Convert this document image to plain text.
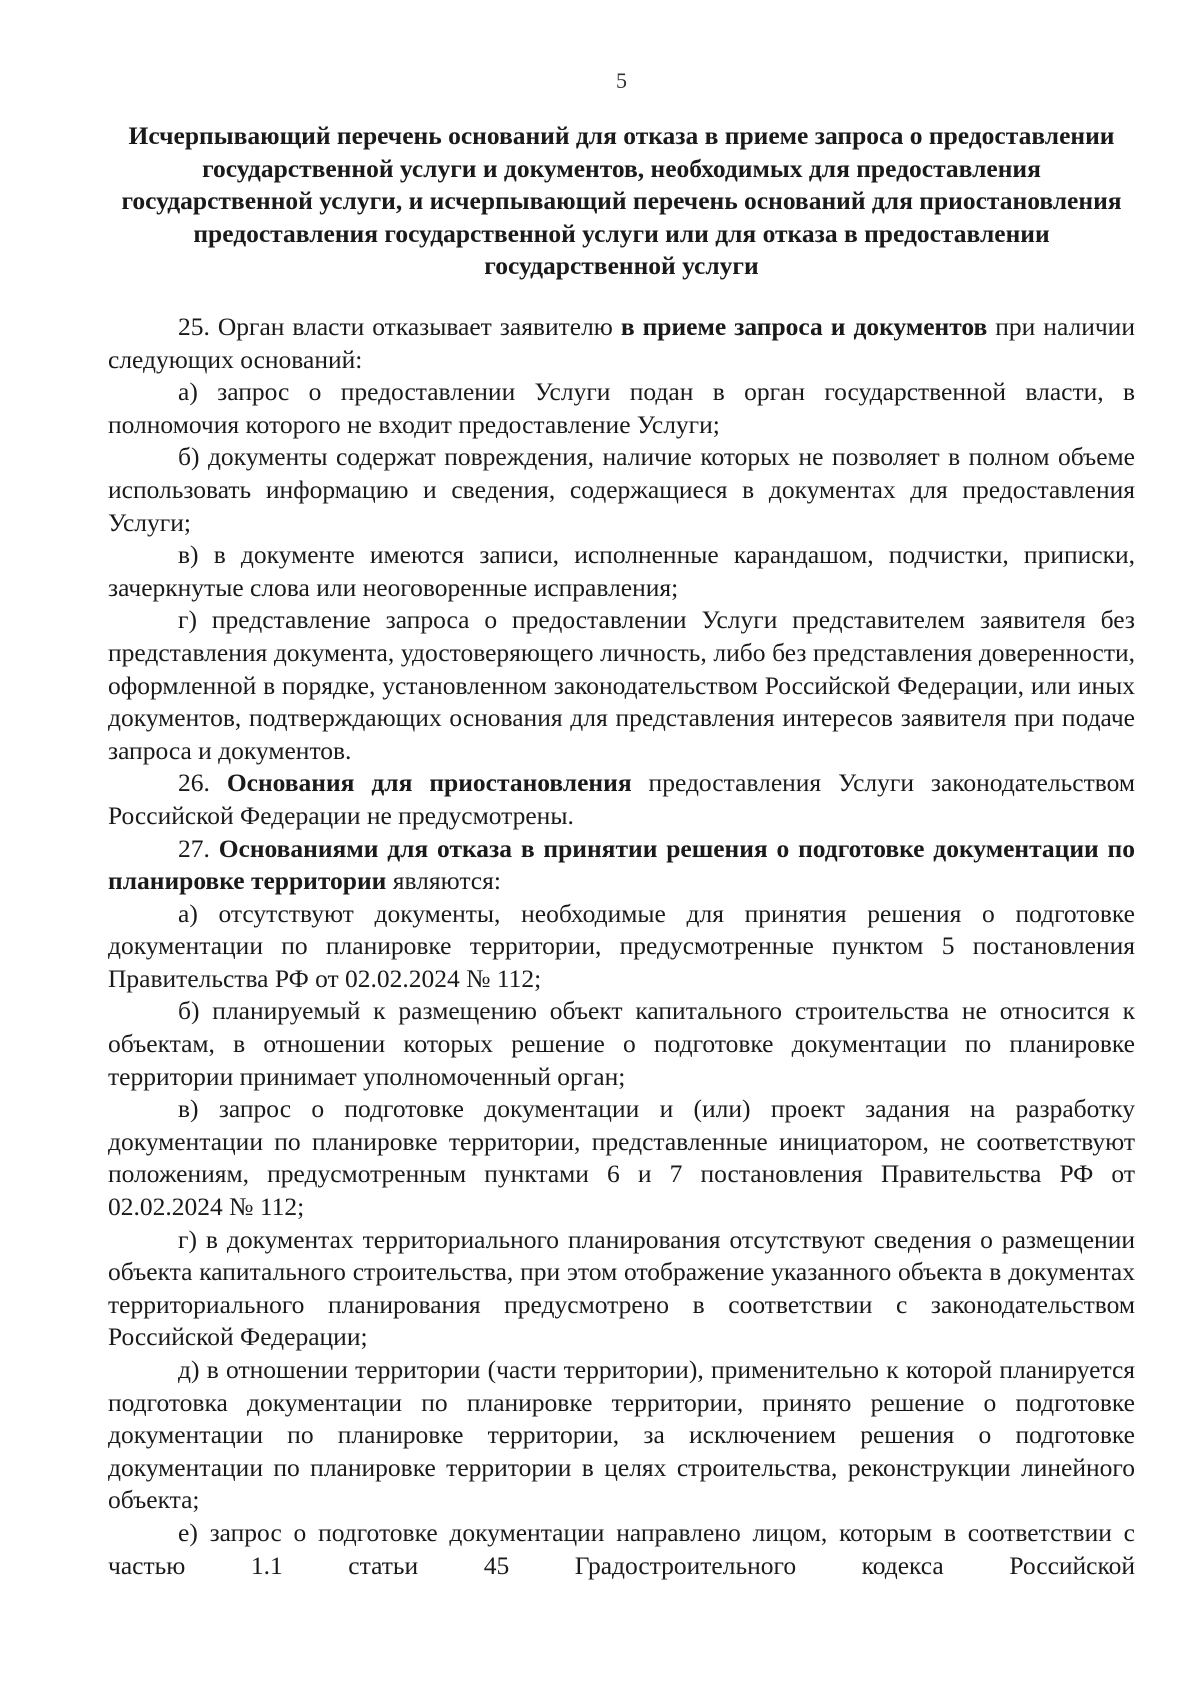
5
Исчерпывающий перечень оснований для отказа в приеме запроса о предоставлении государственной услуги и документов, необходимых для предоставления государственной услуги, и исчерпывающий перечень оснований для приостановления предоставления государственной услуги или для отказа в предоставлении государственной услуги

25. Орган власти отказывает заявителю в приеме запроса и документов при наличии следующих оснований:

а) запрос о предоставлении Услуги подан в орган государственной власти, в полномочия которого не входит предоставление Услуги;

б) документы содержат повреждения, наличие которых не позволяет в полном объеме использовать информацию и сведения, содержащиеся в документах для предоставления Услуги;

в) в документе имеются записи, исполненные карандашом, подчистки, приписки, зачеркнутые слова или неоговоренные исправления;

г) представление запроса о предоставлении Услуги представителем заявителя без представления документа, удостоверяющего личность, либо без представления доверенности, оформленной в порядке, установленном законодательством Российской Федерации, или иных документов, подтверждающих основания для представления интересов заявителя при подаче запроса и документов.

26. Основания для приостановления предоставления Услуги законодательством Российской Федерации не предусмотрены.

27. Основаниями для отказа в принятии решения о подготовке документации по планировке территории являются:

а) отсутствуют документы, необходимые для принятия решения о подготовке документации по планировке территории, предусмотренные пунктом 5 постановления Правительства РФ от 02.02.2024 № 112;

б) планируемый к размещению объект капитального строительства не относится к объектам, в отношении которых решение о подготовке документации по планировке территории принимает уполномоченный орган;

в) запрос о подготовке документации и (или) проект задания на разработку документации по планировке территории, представленные инициатором, не соответствуют положениям, предусмотренным пунктами 6 и 7 постановления Правительства РФ от 02.02.2024 № 112;

г) в документах территориального планирования отсутствуют сведения о размещении объекта капитального строительства, при этом отображение указанного объекта в документах территориального планирования предусмотрено в соответствии с законодательством Российской Федерации;

д) в отношении территории (части территории), применительно к которой планируется подготовка документации по планировке территории, принято решение о подготовке документации по планировке территории, за исключением решения о подготовке документации по планировке территории в целях строительства, реконструкции линейного объекта;

е) запрос о подготовке документации направлено лицом, которым в соответствии с частью 1.1 статьи 45 Градостроительного кодекса Российской
